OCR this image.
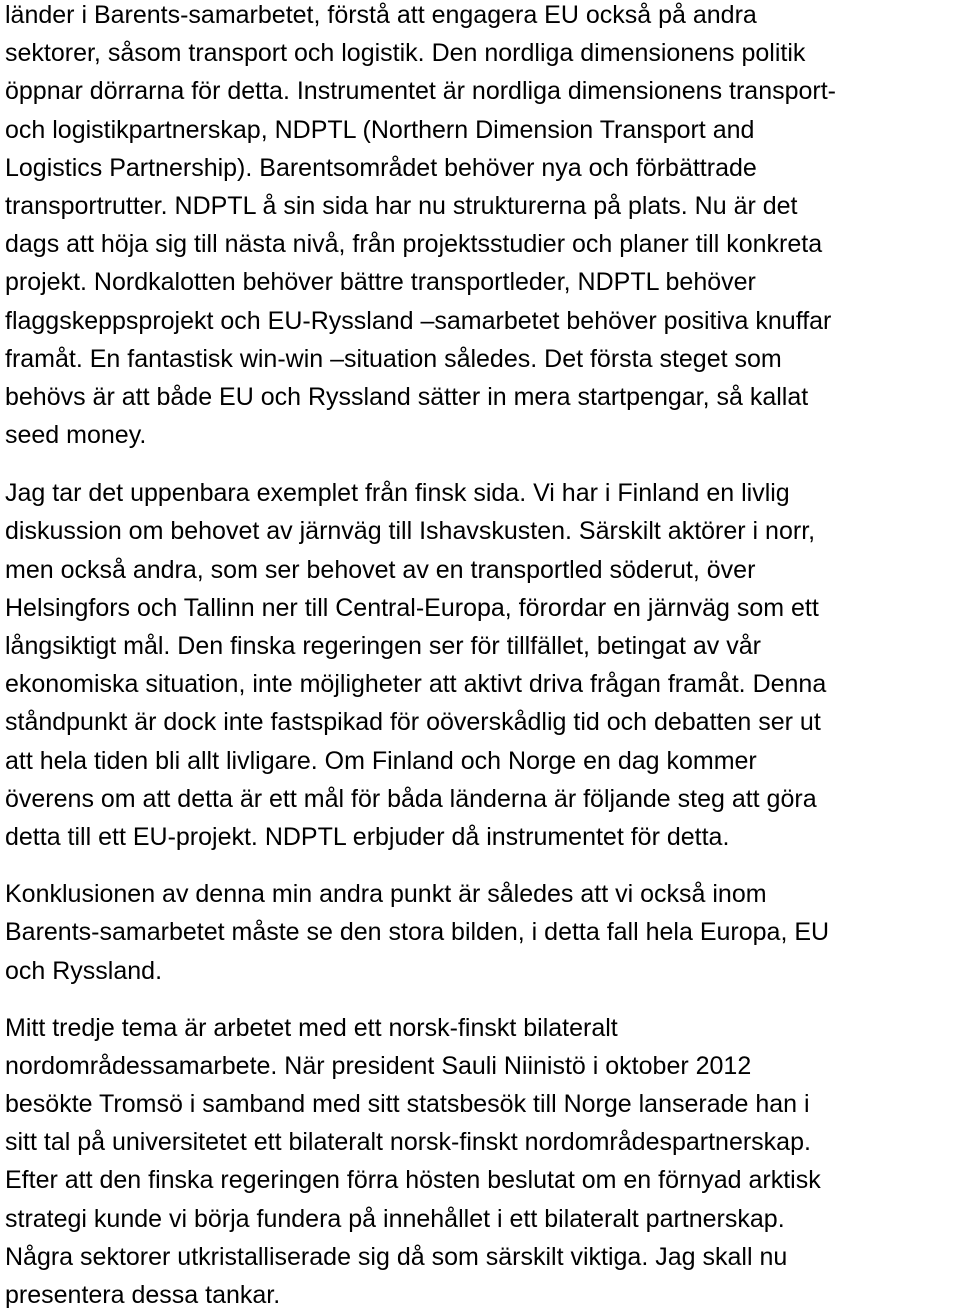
länder i Barents-samarbetet, förstå att engagera EU också på andra
sektorer, såsom transport och logistik. Den nordliga dimensionens politik
öppnar dörrarna för detta. Instrumentet är nordliga dimensionens transport-
och logistikpartnerskap, NDPTL (Northern Dimension Transport and
Logistics Partnership). Barentsområdet behöver nya och förbättrade
transportrutter. NDPTL å sin sida har nu strukturerna på plats. Nu är det
dags att höja sig till nästa nivå, från projektsstudier och planer till konkreta
projekt. Nordkalotten behöver bättre transportleder, NDPTL behöver
flaggskeppsprojekt och EU-Ryssland –samarbetet behöver positiva knuffar
framåt. En fantastisk win-win –situation således. Det första steget som
behövs är att både EU och Ryssland sätter in mera startpengar, så kallat
seed money.
Jag tar det uppenbara exemplet från finsk sida. Vi har i Finland en livlig
diskussion om behovet av järnväg till Ishavskusten. Särskilt aktörer i norr,
men också andra, som ser behovet av en transportled söderut, över
Helsingfors och Tallinn ner till Central-Europa, förordar en järnväg som ett
långsiktigt mål. Den finska regeringen ser för tillfället, betingat av vår
ekonomiska situation, inte möjligheter att aktivt driva frågan framåt. Denna
ståndpunkt är dock inte fastspikad för oöverskådlig tid och debatten ser ut
att hela tiden bli allt livligare. Om Finland och Norge en dag kommer
överens om att detta är ett mål för båda länderna är följande steg att göra
detta till ett EU-projekt. NDPTL erbjuder då instrumentet för detta.
Konklusionen av denna min andra punkt är således att vi också inom
Barents-samarbetet måste se den stora bilden, i detta fall hela Europa, EU
och Ryssland.
Mitt tredje tema är arbetet med ett norsk-finskt bilateralt
nordområdessamarbete. När president Sauli Niinistö i oktober 2012
besökte Tromsö i samband med sitt statsbesök till Norge lanserade han i
sitt tal på universitetet ett bilateralt norsk-finskt nordområdespartnerskap.
Efter att den finska regeringen förra hösten beslutat om en förnyad arktisk
strategi kunde vi börja fundera på innehållet i ett bilateralt partnerskap.
Några sektorer utkristalliserade sig då som särskilt viktiga. Jag skall nu
presentera dessa tankar.
